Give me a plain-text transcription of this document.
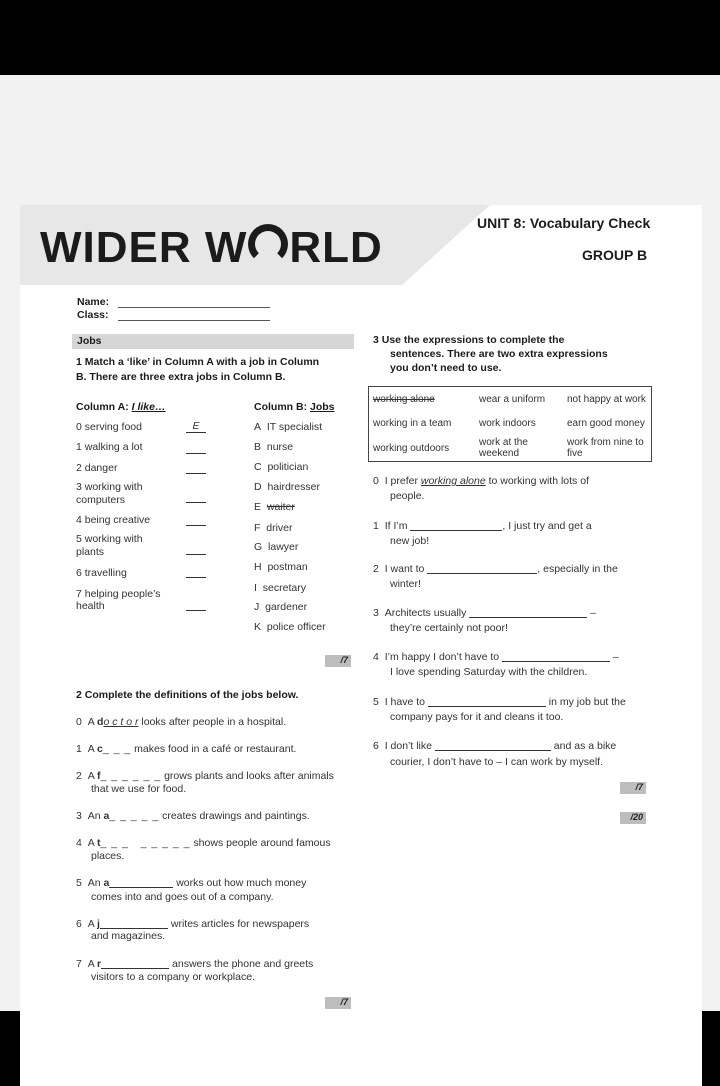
WIDER W RLD	UNIT 8: Vocabulary Check
GROUP B
Name:
Class:
Jobs
1 Match a ‘like’ in Column A with a job in Column
B. There are three extra jobs in Column B.
Column A: I like…	Column B: Jobs
0 serving food	E
1 walking a lot
2 danger
3 working with
computers
4 being creative
5 working with
plants
6 travelling
7 helping people’s
health
A IT specialist
B nurse
C politician
D hairdresser
E waiter
F driver
G lawyer
H postman
I secretary
J gardener
K police officer
/7
2 Complete the definitions of the jobs below.
0 A do c t o r looks after people in a hospital.
1 A c_ _ _ makes food in a café or restaurant.
2 A f_ _ _ _ _ _ grows plants and looks after animals
that we use for food.
3 An a_ _ _ _ _ creates drawings and paintings.
4 A t_ _ _   _ _ _ _ _ shows people around famous
places.
5 An a	works out how much money
comes into and goes out of a company.
6 A j	writes articles for newspapers
and magazines.
7 A r	answers the phone and greets
visitors to a company or workplace.
/7
3 Use the expressions to complete the
sentences. There are two extra expressions
you don’t need to use.
working alone	wear a uniform	not happy at work
working in a team	work indoors	earn good money
working outdoors	work at the weekend	work from nine to five
0 I prefer working alone to working with lots of
people.
1 If I’m	, I just try and get a
new job!
2 I want to	, especially in the
winter!
3 Architects usually	–
they’re certainly not poor!
4 I’m happy I don’t have to	–
I love spending Saturday with the children.
5 I have to	in my job but the
company pays for it and cleans it too.
6 I don’t like	and as a bike
courier, I don’t have to – I can work by myself.
/7
/20
